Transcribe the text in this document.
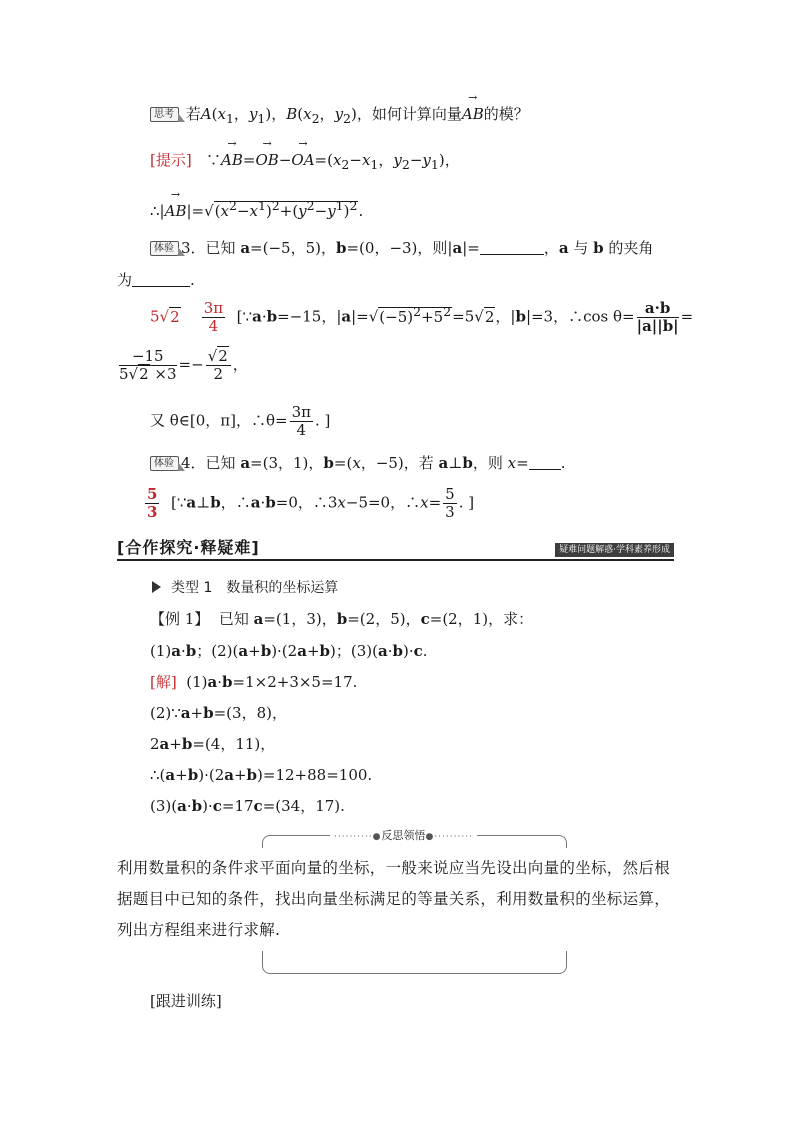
思考 若$A(x_1$，$y_1$)，$B(x_2$，$y_2$)，如何计算向量→ AB的模？
[提示]   ∵→ $AB=\to OB-\to OA=(x_2-x_1$，$y_2-y_1$)，
∴|→ $AB|=√(x^2-x^1)^2+(y^2-y^1)^2$.
体验 3．已知 a=(−5，5)，b=(0，−3)，则|a|=	，a 与 b 的夹角
为	.
$5√2 \frac{3\pi}{4}$ [∵a·b=−15，$|a|=√(-5)^2+5^2=5√2$，|b|=3，∴cos $\theta= \frac{a\cdot b}{|a||b|}$ =
$\frac{-15}{5√2 \times 3} =- \frac{√2}{2}$ ，
又 θ∈[0，π]，∴θ= $\frac{3\pi}{4}$ . ]
体验 4．已知 a=(3，1)，b=(x，−5)，若 a⊥b，则 x= .
$\frac{5}{3}$ [∵a⊥b，∴a·b=0，∴3x−5=0，∴x= $\frac{5}{3}$ . ]
[合作探究·释疑难]	疑难问题解惑·学科素养形成
类型 1　数量积的坐标运算
【例 1】  已知 a=(1，3)，b=(2，5)，c=(2，1)，求：
(1)a·b；(2)(a+b)·(2a+b)；(3)(a·b)·c.
[解]  (1)a·b=1×2+3×5=17.
(2)∵a+b=(3，8)，
2a+b=(4，11)，
∴(a+b)·(2a+b)=12+88=100.
(3)(a·b)·c=17c=(34，17).
··········●反思领悟●··········
利用数量积的条件求平面向量的坐标，一般来说应当先设出向量的坐标，然后根据题目中已知的条件，找出向量坐标满足的等量关系，利用数量积的坐标运算，列出方程组来进行求解.
[跟进训练]
